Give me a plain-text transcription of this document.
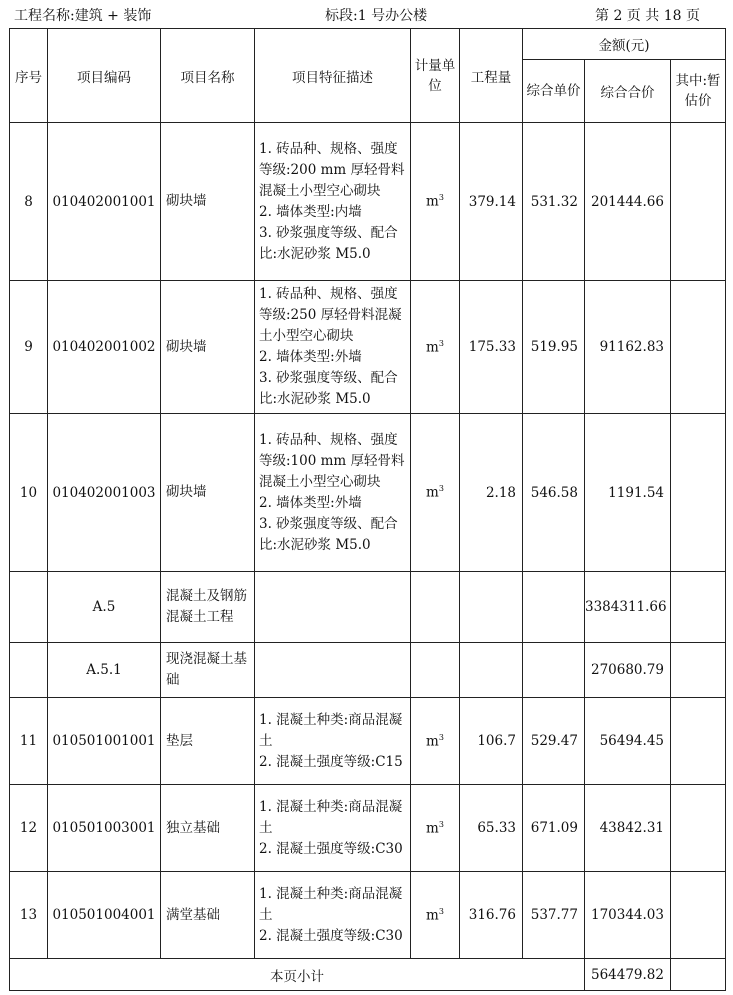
工程名称:建筑 + 装饰	标段:1 号办公楼	第 2 页 共 18 页
序号	项目编码	项目名称	项目特征描述	计量单位	工程量	金额(元)		
						综合单价	综合合价	其中:暂估价
8	010402001001	砌块墙	1. 砖品种、规格、强度等级:200 mm 厚轻骨料混凝土小型空心砌块
2. 墙体类型:内墙
3. 砂浆强度等级、配合比:水泥砂浆 M5.0	$m^3$	379.14	531.32	201444.66	
9	010402001002	砌块墙	1. 砖品种、规格、强度等级:250 厚轻骨料混凝土小型空心砌块
2. 墙体类型:外墙
3. 砂浆强度等级、配合比:水泥砂浆 M5.0	$m^3$	175.33	519.95	91162.83	
10	010402001003	砌块墙	1. 砖品种、规格、强度等级:100 mm 厚轻骨料混凝土小型空心砌块
2. 墙体类型:外墙
3. 砂浆强度等级、配合比:水泥砂浆 M5.0	$m^3$	2.18	546.58	1191.54	
	A.5	混凝土及钢筋混凝土工程					3384311.66	
	A.5.1	现浇混凝土基础					270680.79	
11	010501001001	垫层	1. 混凝土种类:商品混凝土
2. 混凝土强度等级:C15	$m^3$	106.7	529.47	56494.45	
12	010501003001	独立基础	1. 混凝土种类:商品混凝土
2. 混凝土强度等级:C30	$m^3$	65.33	671.09	43842.31	
13	010501004001	满堂基础	1. 混凝土种类:商品混凝土
2. 混凝土强度等级:C30	$m^3$	316.76	537.77	170344.03	
本页小计							564479.82	
